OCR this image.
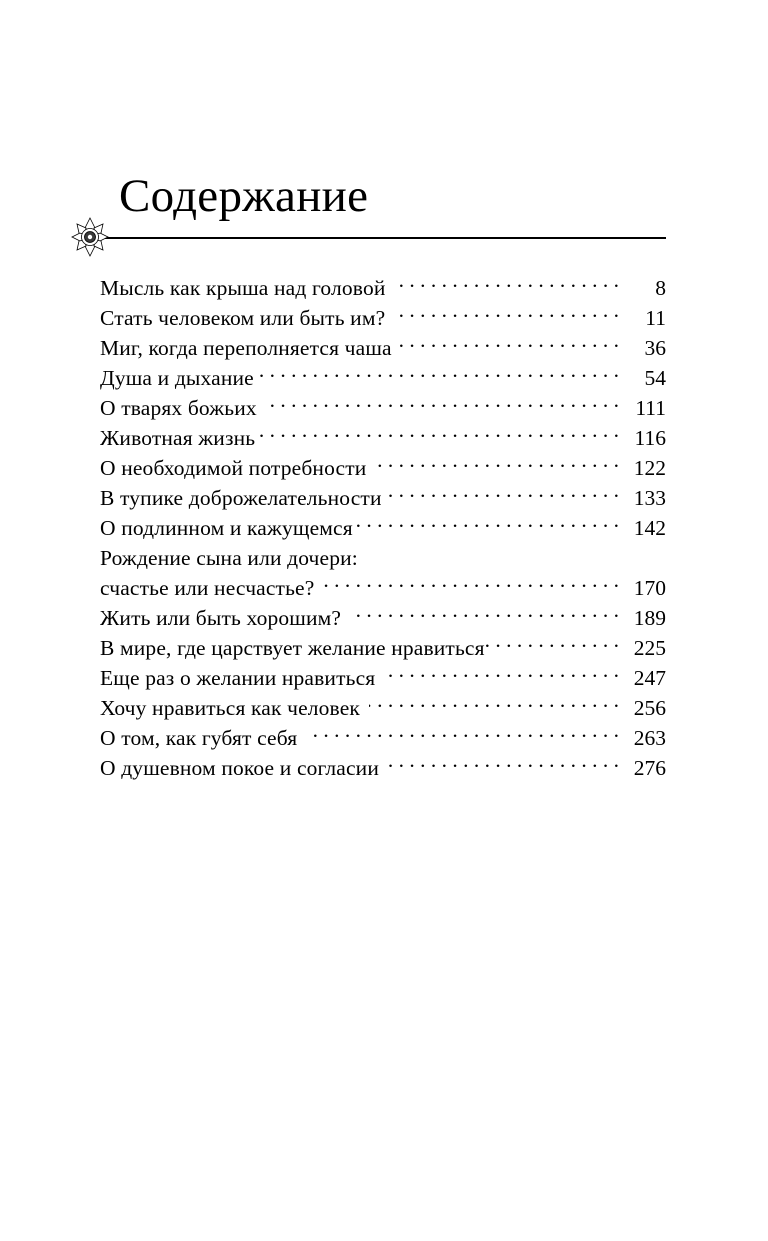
Содержание
Мысль как крыша над головой . . .	8
Стать человеком или быть им? . . .	11
Миг, когда переполняется чаша . . .	36
Душа и дыхание . . .	54
О тварях божьих . . .	111
Животная жизнь . . .	116
О необходимой потребности . . .	122
В тупике доброжелательности . . .	133
О подлинном и кажущемся . . .	142
Рождение сына или дочери:
счастье или несчастье? . . .	170
Жить или быть хорошим? . . .	189
В мире, где царствует желание нравиться . . .	225
Еще раз о желании нравиться . . .	247
Хочу нравиться как человек . . .	256
О том, как губят себя . . .	263
О душевном покое и согласии . . .	276
